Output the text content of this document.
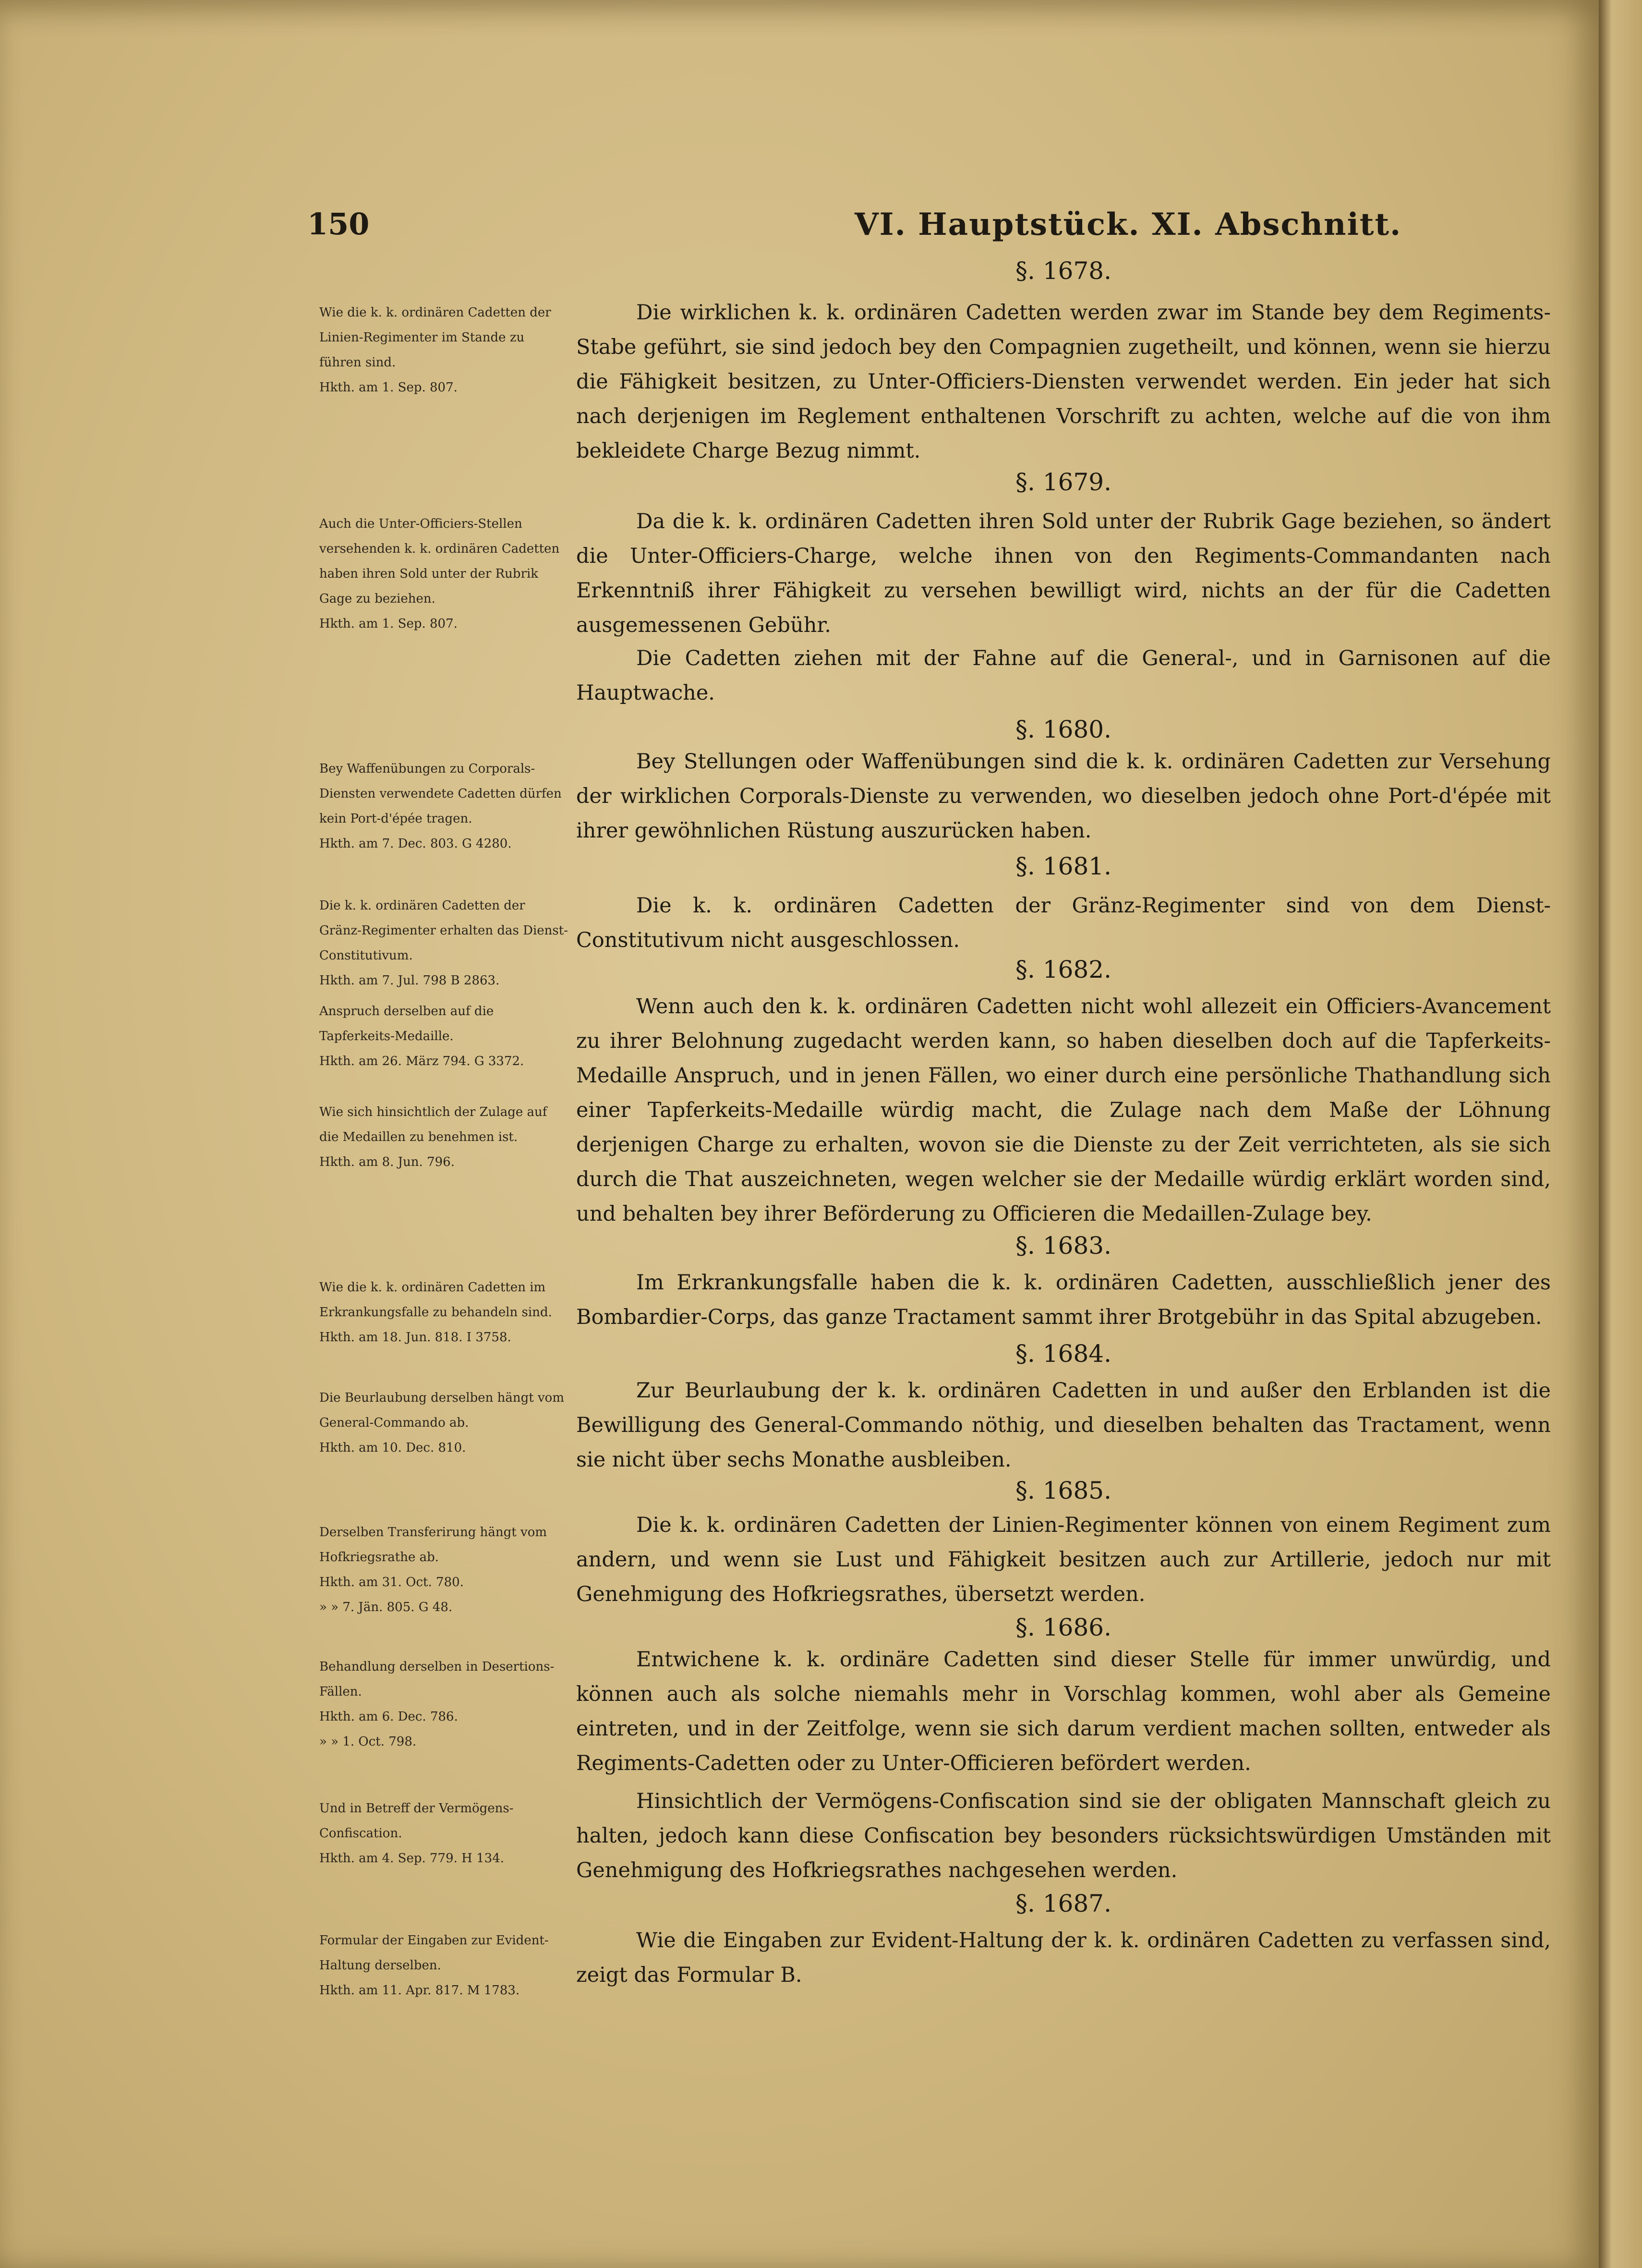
150	VI. Hauptstück. XI. Abschnitt.
§. 1678.
Wie die k. k. ordinären Cadetten der Linien-Regimenter im Stande zu führen sind.
Hkth. am 1. Sep. 807.

Die wirklichen k. k. ordinären Cadetten werden zwar im Stande bey dem Regiments-Stabe geführt, sie sind jedoch bey den Compagnien zugetheilt, und können, wenn sie hierzu die Fähigkeit besitzen, zu Unter-Officiers-Diensten verwendet werden. Ein jeder hat sich nach derjenigen im Reglement enthaltenen Vorschrift zu achten, welche auf die von ihm bekleidete Charge Bezug nimmt.

§. 1679.
Auch die Unter-Officiers-Stellen versehenden k. k. ordinären Cadetten haben ihren Sold unter der Rubrik Gage zu beziehen.
Hkth. am 1. Sep. 807.

Da die k. k. ordinären Cadetten ihren Sold unter der Rubrik Gage beziehen, so ändert die Unter-Officiers-Charge, welche ihnen von den Regiments-Commandanten nach Erkenntniß ihrer Fähigkeit zu versehen bewilligt wird, nichts an der für die Cadetten ausgemessenen Gebühr.

Die Cadetten ziehen mit der Fahne auf die General-, und in Garnisonen auf die Hauptwache.

§. 1680.
Bey Waffenübungen zu Corporals-Diensten verwendete Cadetten dürfen kein Port-d'épée tragen.
Hkth. am 7. Dec. 803. G 4280.

Bey Stellungen oder Waffenübungen sind die k. k. ordinären Cadetten zur Versehung der wirklichen Corporals-Dienste zu verwenden, wo dieselben jedoch ohne Port-d'épée mit ihrer gewöhnlichen Rüstung auszurücken haben.

§. 1681.
Die k. k. ordinären Cadetten der Gränz-Regimenter erhalten das Dienst-Constitutivum.
Hkth. am 7. Jul. 798 B 2863.

Die k. k. ordinären Cadetten der Gränz-Regimenter sind von dem Dienst-Constitutivum nicht ausgeschlossen.

§. 1682.
Anspruch derselben auf die Tapferkeits-Medaille.
Hkth. am 26. März 794. G 3372.
Wie sich hinsichtlich der Zulage auf die Medaillen zu benehmen ist.
Hkth. am 8. Jun. 796.

Wenn auch den k. k. ordinären Cadetten nicht wohl allezeit ein Officiers-Avancement zu ihrer Belohnung zugedacht werden kann, so haben dieselben doch auf die Tapferkeits-Medaille Anspruch, und in jenen Fällen, wo einer durch eine persönliche Thathandlung sich einer Tapferkeits-Medaille würdig macht, die Zulage nach dem Maße der Löhnung derjenigen Charge zu erhalten, wovon sie die Dienste zu der Zeit verrichteten, als sie sich durch die That auszeichneten, wegen welcher sie der Medaille würdig erklärt worden sind, und behalten bey ihrer Beförderung zu Officieren die Medaillen-Zulage bey.

§. 1683.
Wie die k. k. ordinären Cadetten im Erkrankungsfalle zu behandeln sind.
Hkth. am 18. Jun. 818. I 3758.

Im Erkrankungsfalle haben die k. k. ordinären Cadetten, ausschließlich jener des Bombardier-Corps, das ganze Tractament sammt ihrer Brotgebühr in das Spital abzugeben.

§. 1684.
Die Beurlaubung derselben hängt vom General-Commando ab.
Hkth. am 10. Dec. 810.

Zur Beurlaubung der k. k. ordinären Cadetten in und außer den Erblanden ist die Bewilligung des General-Commando nöthig, und dieselben behalten das Tractament, wenn sie nicht über sechs Monathe ausbleiben.

§. 1685.
Derselben Transferirung hängt vom Hofkriegsrathe ab.
Hkth. am 31. Oct. 780.
» » 7. Jän. 805. G 48.

Die k. k. ordinären Cadetten der Linien-Regimenter können von einem Regiment zum andern, und wenn sie Lust und Fähigkeit besitzen auch zur Artillerie, jedoch nur mit Genehmigung des Hofkriegsrathes, übersetzt werden.

§. 1686.
Behandlung derselben in Desertions-Fällen.
Hkth. am 6. Dec. 786.
» » 1. Oct. 798.
Und in Betreff der Vermögens-Confiscation.
Hkth. am 4. Sep. 779. H 134.

Entwichene k. k. ordinäre Cadetten sind dieser Stelle für immer unwürdig, und können auch als solche niemahls mehr in Vorschlag kommen, wohl aber als Gemeine eintreten, und in der Zeitfolge, wenn sie sich darum verdient machen sollten, entweder als Regiments-Cadetten oder zu Unter-Officieren befördert werden.

Hinsichtlich der Vermögens-Confiscation sind sie der obligaten Mannschaft gleich zu halten, jedoch kann diese Confiscation bey besonders rücksichtswürdigen Umständen mit Genehmigung des Hofkriegsrathes nachgesehen werden.

§. 1687.
Formular der Eingaben zur Evident-Haltung derselben.
Hkth. am 11. Apr. 817. M 1783.

Wie die Eingaben zur Evident-Haltung der k. k. ordinären Cadetten zu verfassen sind, zeigt das Formular B.
